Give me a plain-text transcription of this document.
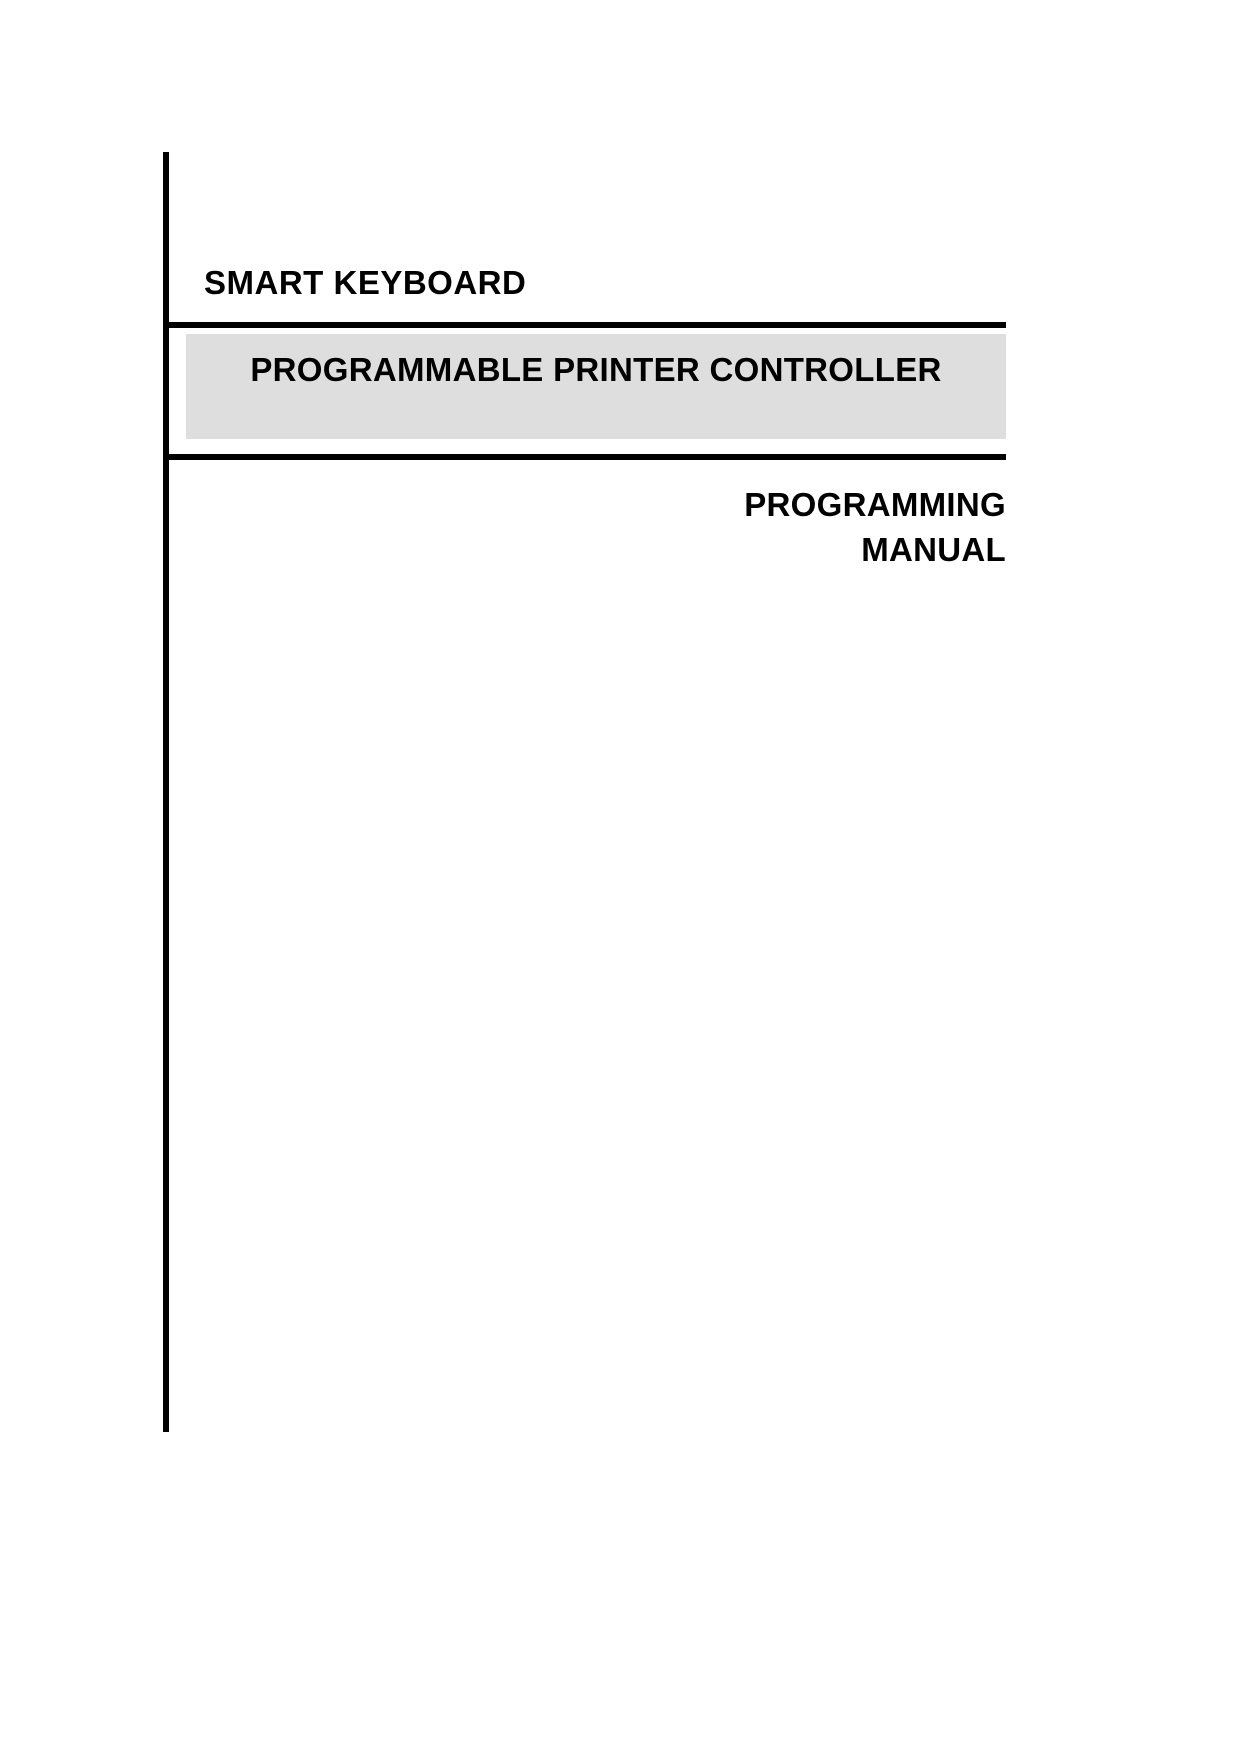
SMART KEYBOARD
PROGRAMMABLE PRINTER CONTROLLER
PROGRAMMING
MANUAL
